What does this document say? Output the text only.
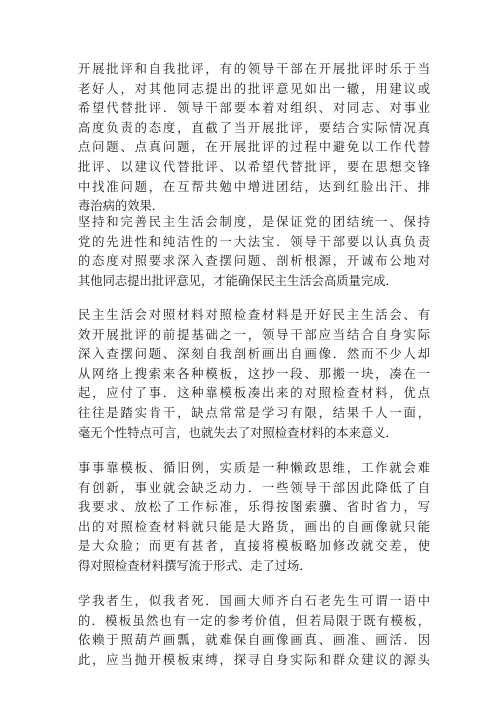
开展批评和自我批评，有的领导干部在开展批评时乐于当
老好人，对其他同志提出的批评意见如出一辙，用建议或
希望代替批评．领导干部要本着对组织、对同志、对事业
高度负责的态度，直截了当开展批评，要结合实际情况真
点问题、点真问题，在开展批评的过程中避免以工作代替
批评、以建议代替批评、以希望代替批评，要在思想交锋
中找准问题，在互帮共勉中增进团结，达到红脸出汗、排
毒治病的效果．
坚持和完善民主生活会制度，是保证党的团结统一、保持
党的先进性和纯洁性的一大法宝．领导干部要以认真负责
的态度对照要求深入查摆问题、剖析根源，开诚布公地对
其他同志提出批评意见，才能确保民主生活会高质量完成．
民主生活会对照材料对照检查材料是开好民主生活会、有
效开展批评的前提基础之一，领导干部应当结合自身实际
深入查摆问题、深刻自我剖析画出自画像．然而不少人却
从网络上搜索来各种模板，这抄一段、那搬一块，凑在一
起，应付了事．这种靠模板凑出来的对照检查材料，优点
往往是踏实肯干，缺点常常是学习有限，结果千人一面，
毫无个性特点可言，也就失去了对照检查材料的本来意义．
事事靠模板、循旧例，实质是一种懒政思维，工作就会难
有创新，事业就会缺乏动力．一些领导干部因此降低了自
我要求、放松了工作标准，乐得按图索骥、省时省力，写
出的对照检查材料就只能是大路货，画出的自画像就只能
是大众脸；而更有甚者，直接将模板略加修改就交差，使
得对照检查材料撰写流于形式、走了过场．
学我者生，似我者死．国画大师齐白石老先生可谓一语中
的．模板虽然也有一定的参考价值，但若局限于既有模板，
依赖于照葫芦画瓢，就难保自画像画真、画准、画活．因
此，应当抛开模板束缚，探寻自身实际和群众建议的源头
